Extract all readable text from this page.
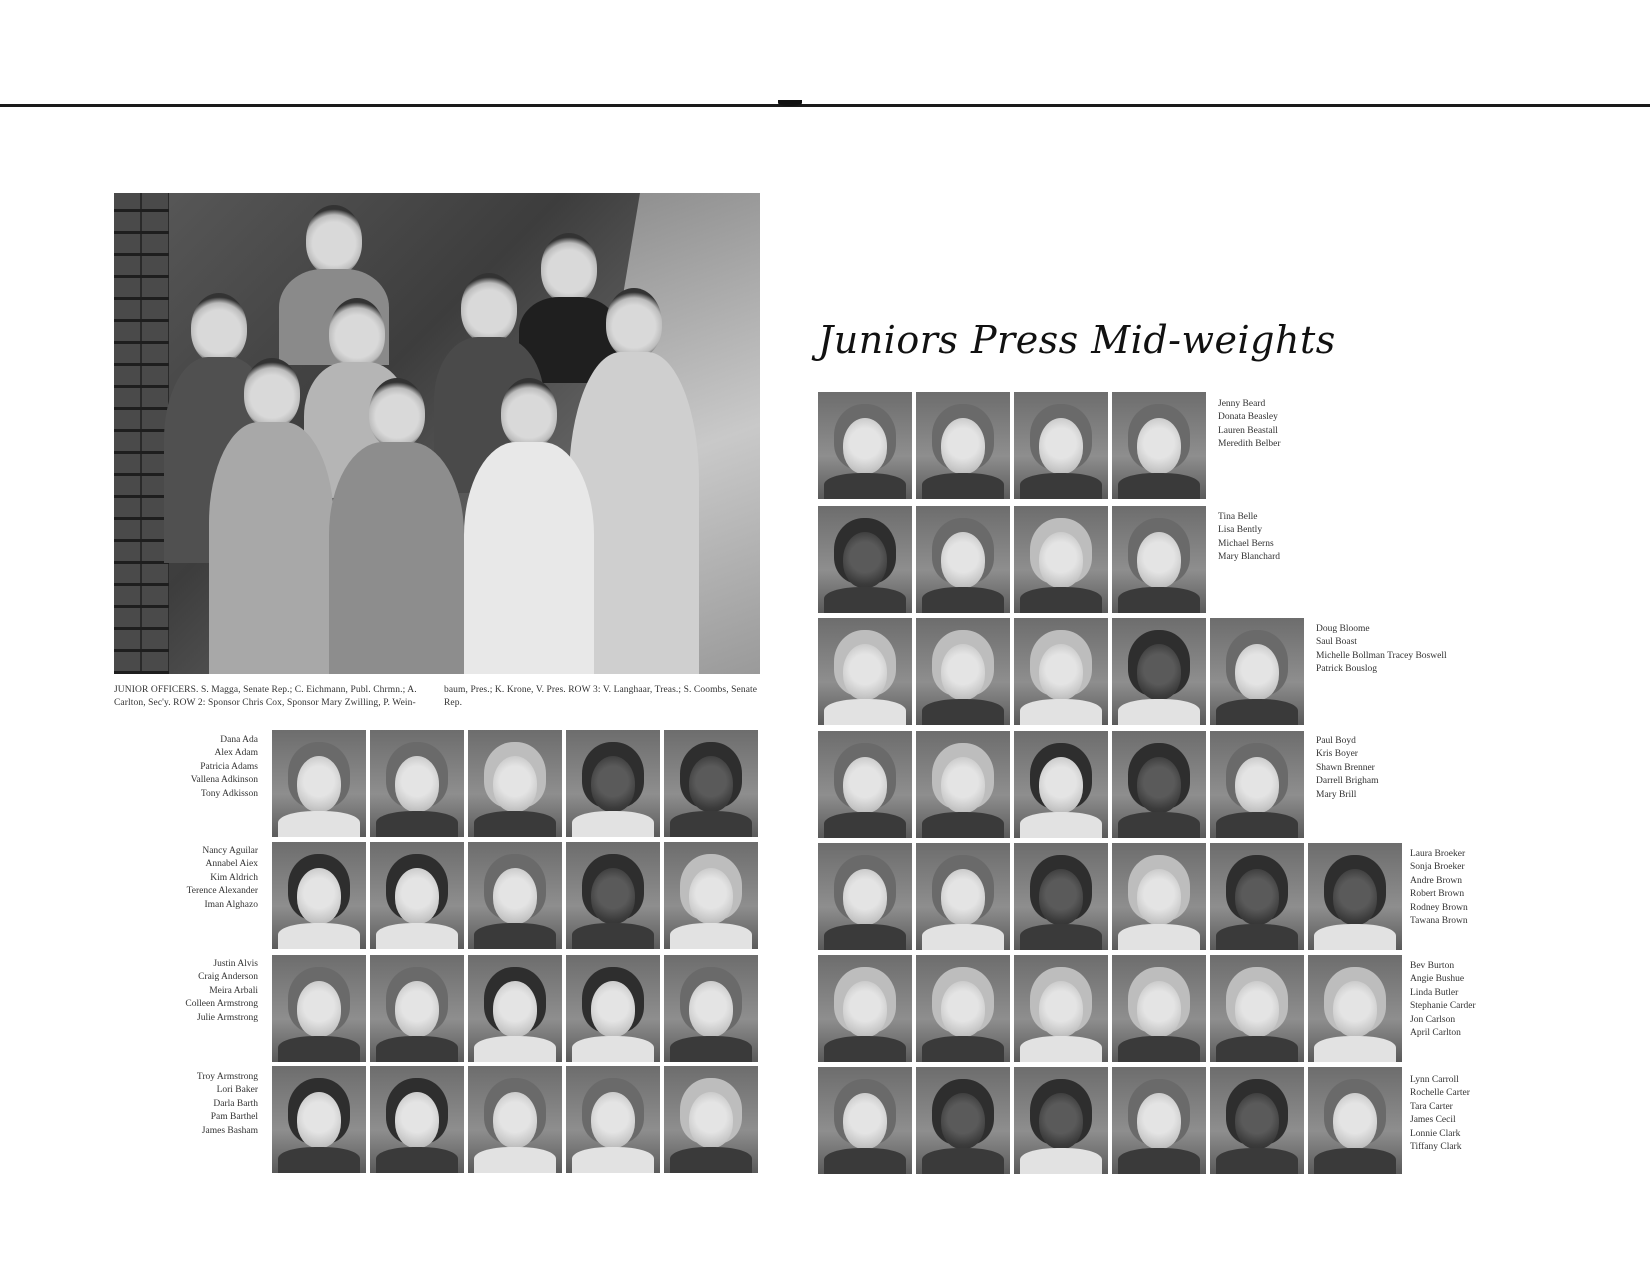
JUNIOR OFFICERS. S. Magga, Senate Rep.; C. Eichmann, Publ. Chrmn.; A. Carlton, Sec'y. ROW 2: Sponsor Chris Cox, Sponsor Mary Zwilling, P. Wein-
baum, Pres.; K. Krone, V. Pres. ROW 3: V. Langhaar, Treas.; S. Coombs, Senate Rep.
Dana Ada
Alex Adam
Patricia Adams
Vallena Adkinson
Tony Adkisson
Nancy Aguilar
Annabel Aiex
Kim Aldrich
Terence Alexander
Iman Alghazo
Justin Alvis
Craig Anderson
Meira Arbali
Colleen Armstrong
Julie Armstrong
Troy Armstrong
Lori Baker
Darla Barth
Pam Barthel
James Basham
Juniors Press Mid-weights
Jenny Beard
Donata Beasley
Lauren Beastall
Meredith Belber
Tina Belle
Lisa Bently
Michael Berns
Mary Blanchard
Doug Bloome
Saul Boast
Michelle Bollman Tracey Boswell
Patrick Bouslog
Paul Boyd
Kris Boyer
Shawn Brenner
Darrell Brigham
Mary Brill
Laura Broeker
Sonja Broeker
Andre Brown
Robert Brown
Rodney Brown
Tawana Brown
Bev Burton
Angie Bushue
Linda Butler
Stephanie Carder
Jon Carlson
April Carlton
Lynn Carroll
Rochelle Carter
Tara Carter
James Cecil
Lonnie Clark
Tiffany Clark
